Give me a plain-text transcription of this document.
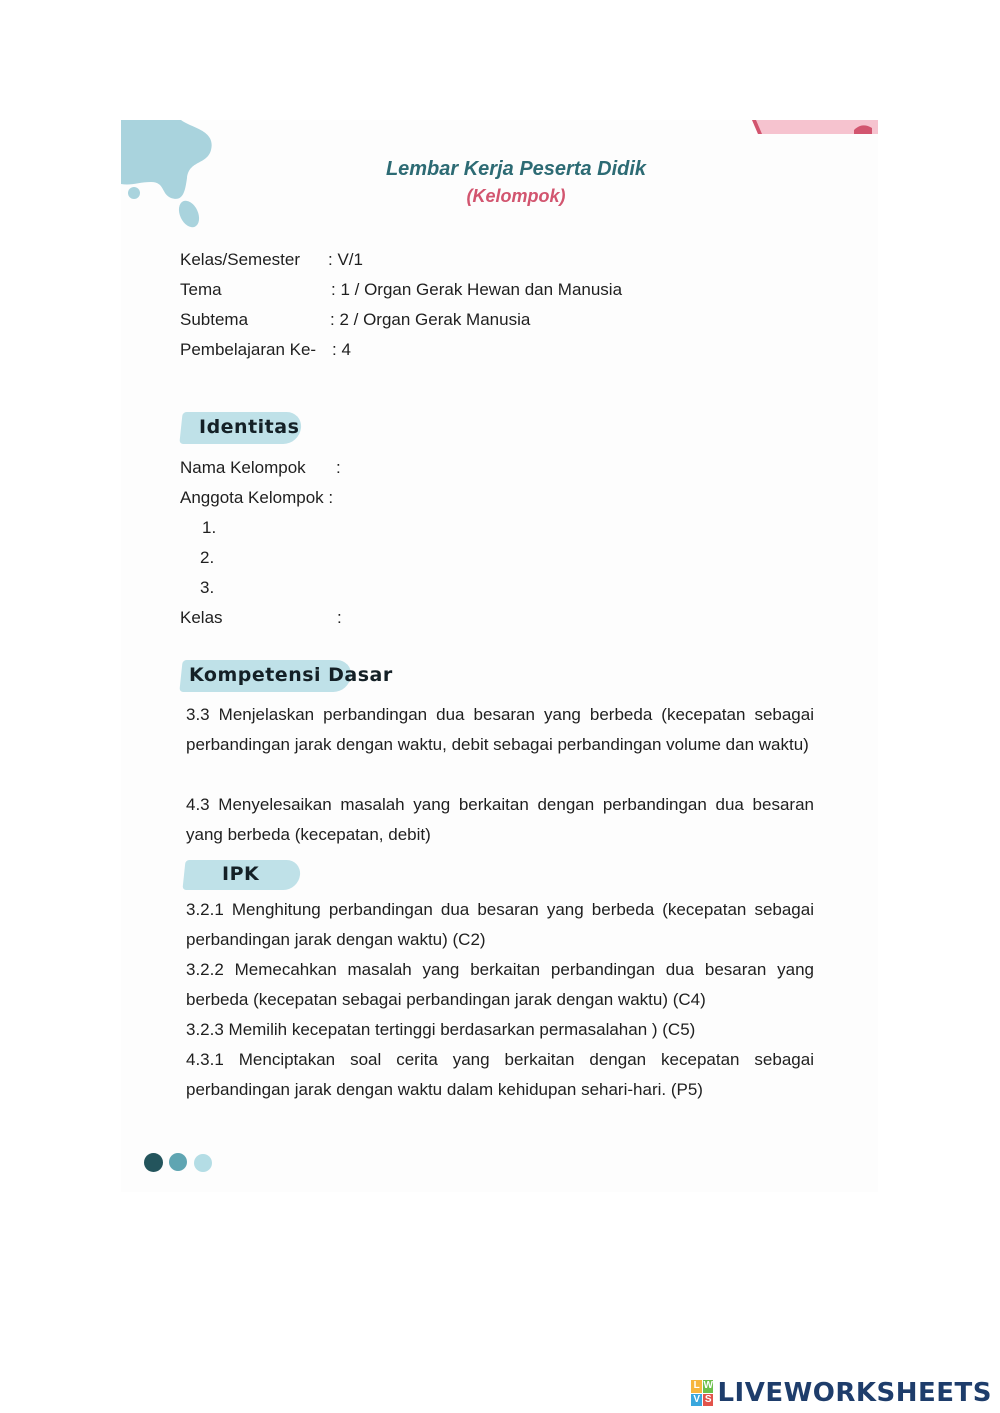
Lembar Kerja Peserta Didik
(Kelompok)
Kelas/Semester : V/1
Tema	: 1 / Organ Gerak Hewan dan Manusia
Subtema	: 2 / Organ Gerak Manusia
Pembelajaran Ke- : 4
Identitas
Nama Kelompok :
Anggota Kelompok :
1.
2.
3.
Kelas	:
Kompetensi Dasar
3.3 Menjelaskan perbandingan dua besaran yang berbeda (kecepatan sebagai perbandingan jarak dengan waktu, debit sebagai perbandingan volume dan waktu)
4.3 Menyelesaikan masalah yang berkaitan dengan perbandingan dua besaran yang berbeda (kecepatan, debit)
IPK
3.2.1 Menghitung perbandingan dua besaran yang berbeda (kecepatan sebagai perbandingan jarak dengan waktu) (C2)
3.2.2 Memecahkan masalah yang berkaitan perbandingan dua besaran yang berbeda (kecepatan sebagai perbandingan jarak dengan waktu) (C4)
3.2.3 Memilih kecepatan tertinggi berdasarkan permasalahan ) (C5)
4.3.1 Menciptakan soal cerita yang berkaitan dengan kecepatan sebagai perbandingan jarak dengan waktu dalam kehidupan sehari-hari. (P5)
L W
V S LIVEWORKSHEETS
